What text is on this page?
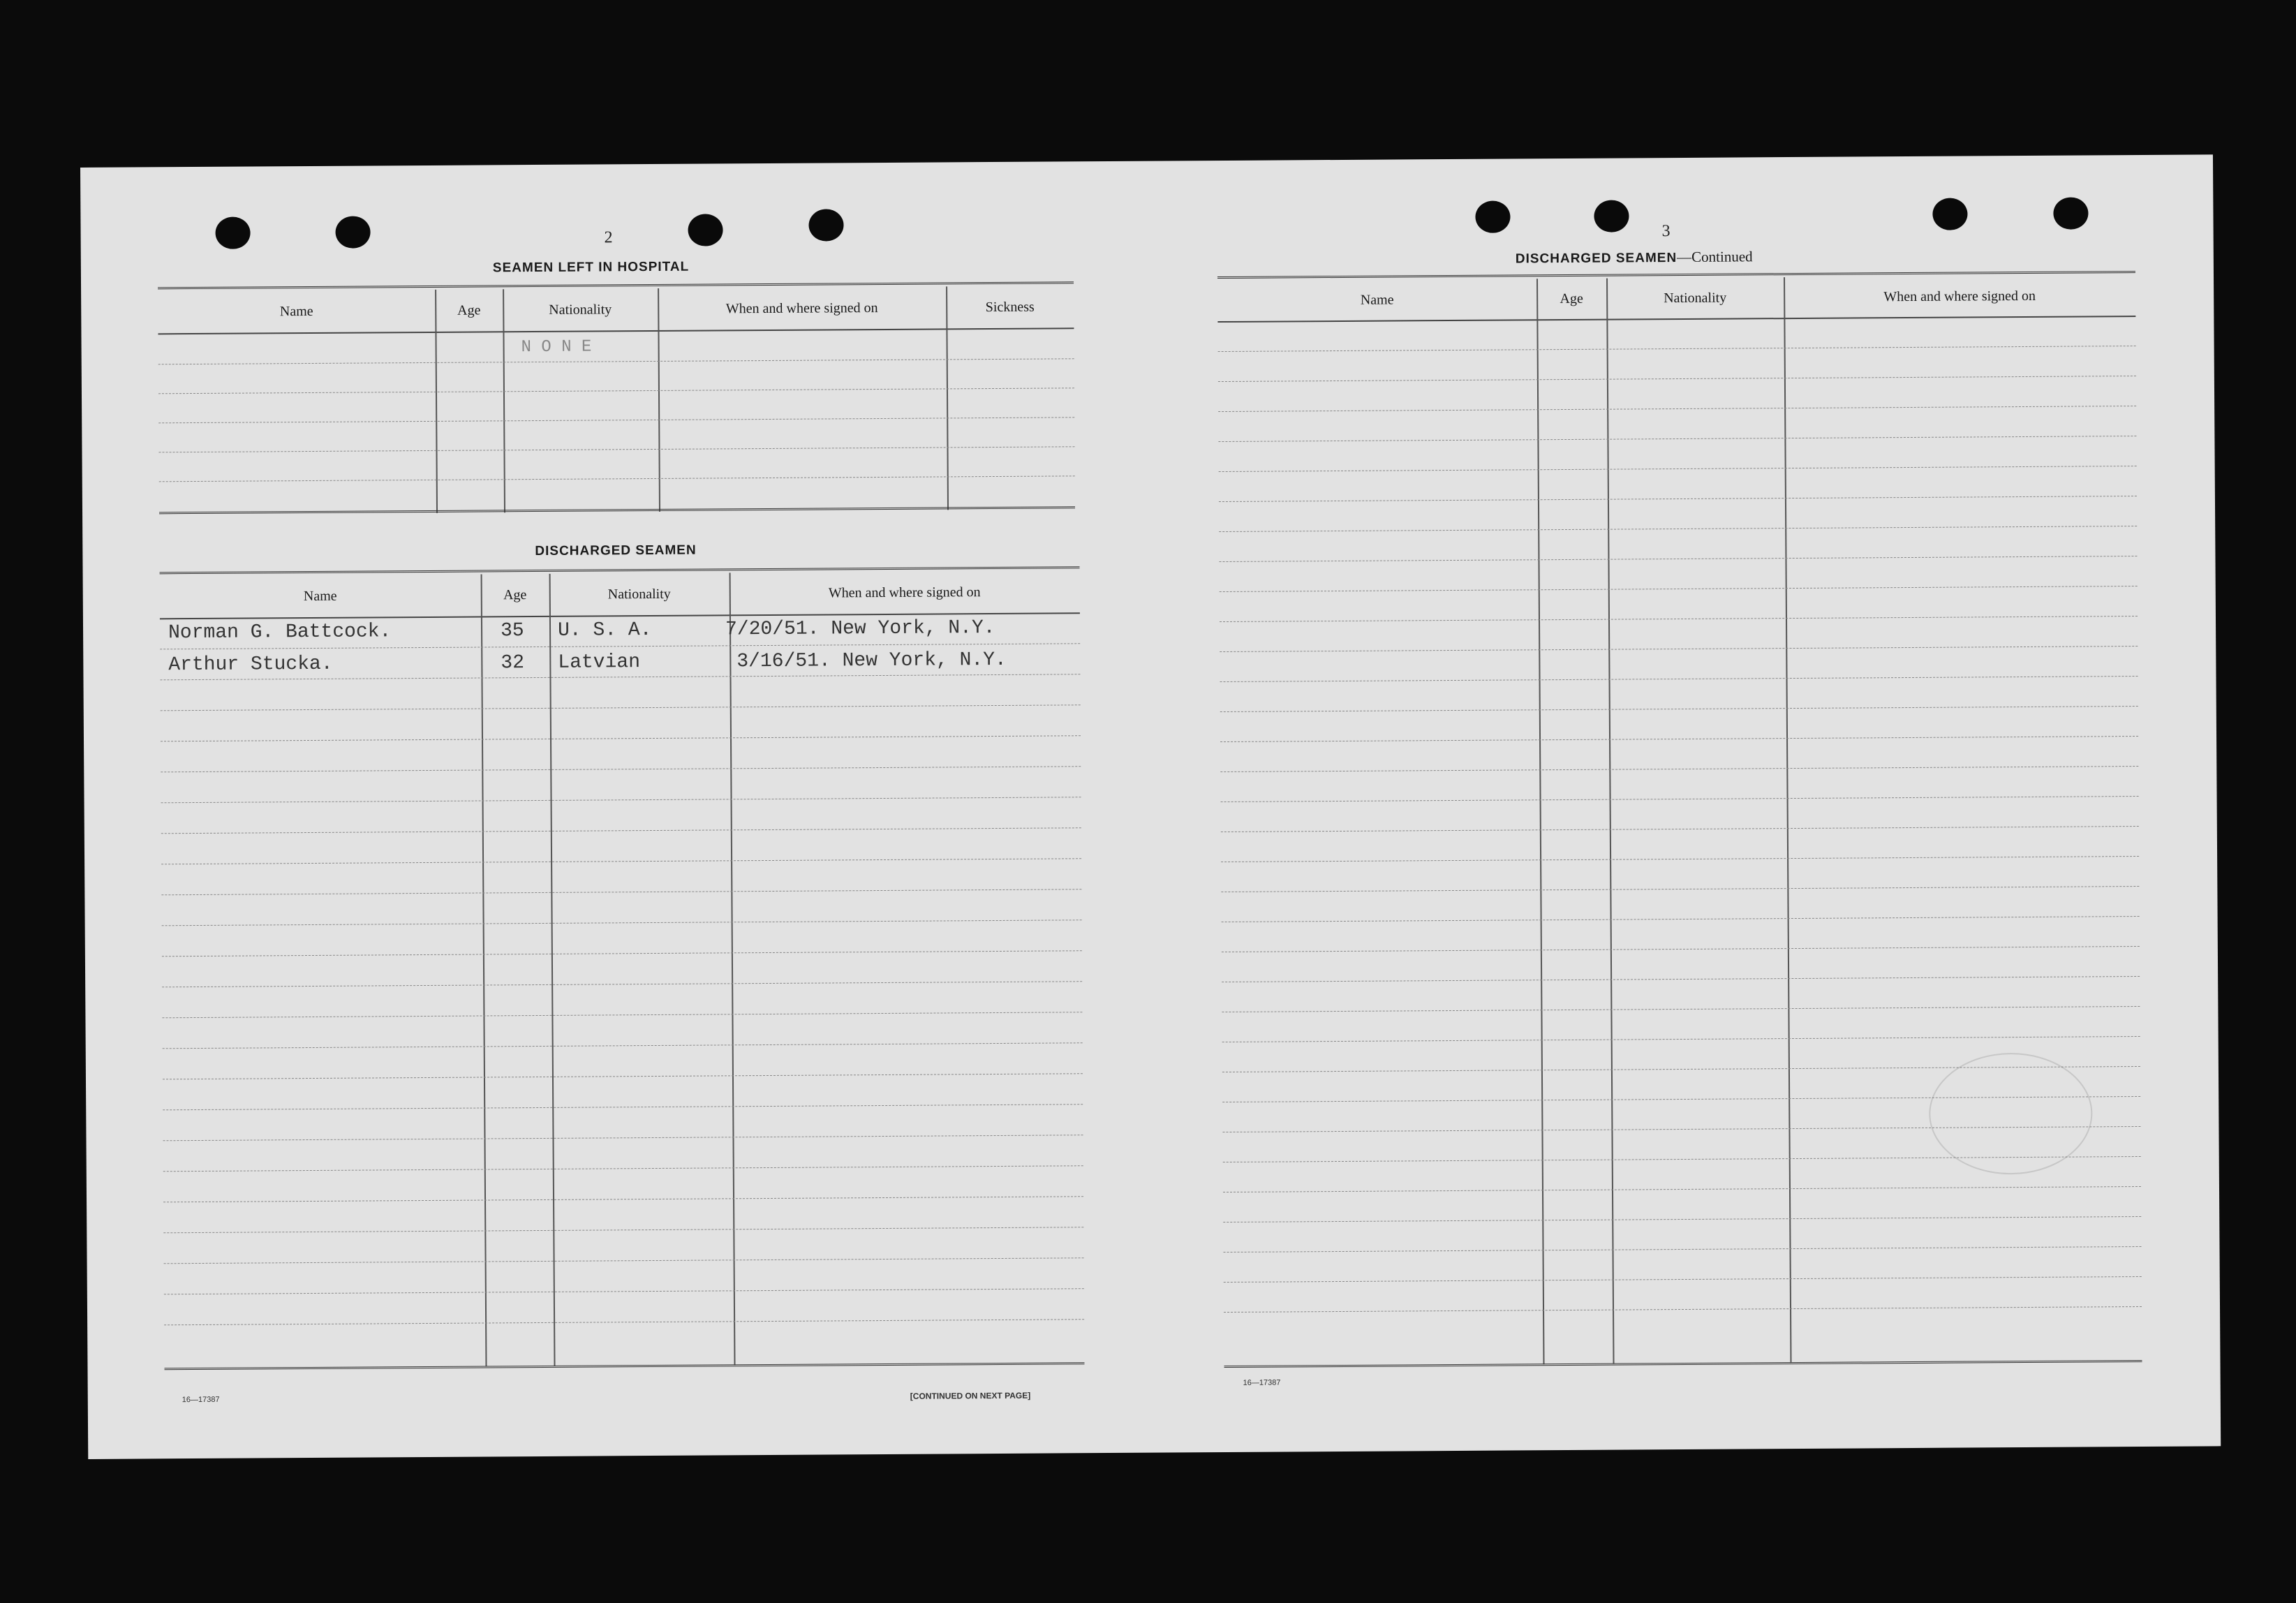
2
SEAMEN LEFT IN HOSPITAL
Name	Age	Nationality	When and where signed on	Sickness
N O N E
DISCHARGED SEAMEN
Name	Age	Nationality	When and where signed on
Norman G. Battcock.	35 U. S. A.	7/20/51. New York, N.Y.
Arthur Stucka.	32 Latvian	3/16/51. New York, N.Y.
16—17387	[CONTINUED ON NEXT PAGE]
3
DISCHARGED SEAMEN—Continued
Name	Age	Nationality	When and where signed on
16—17387
